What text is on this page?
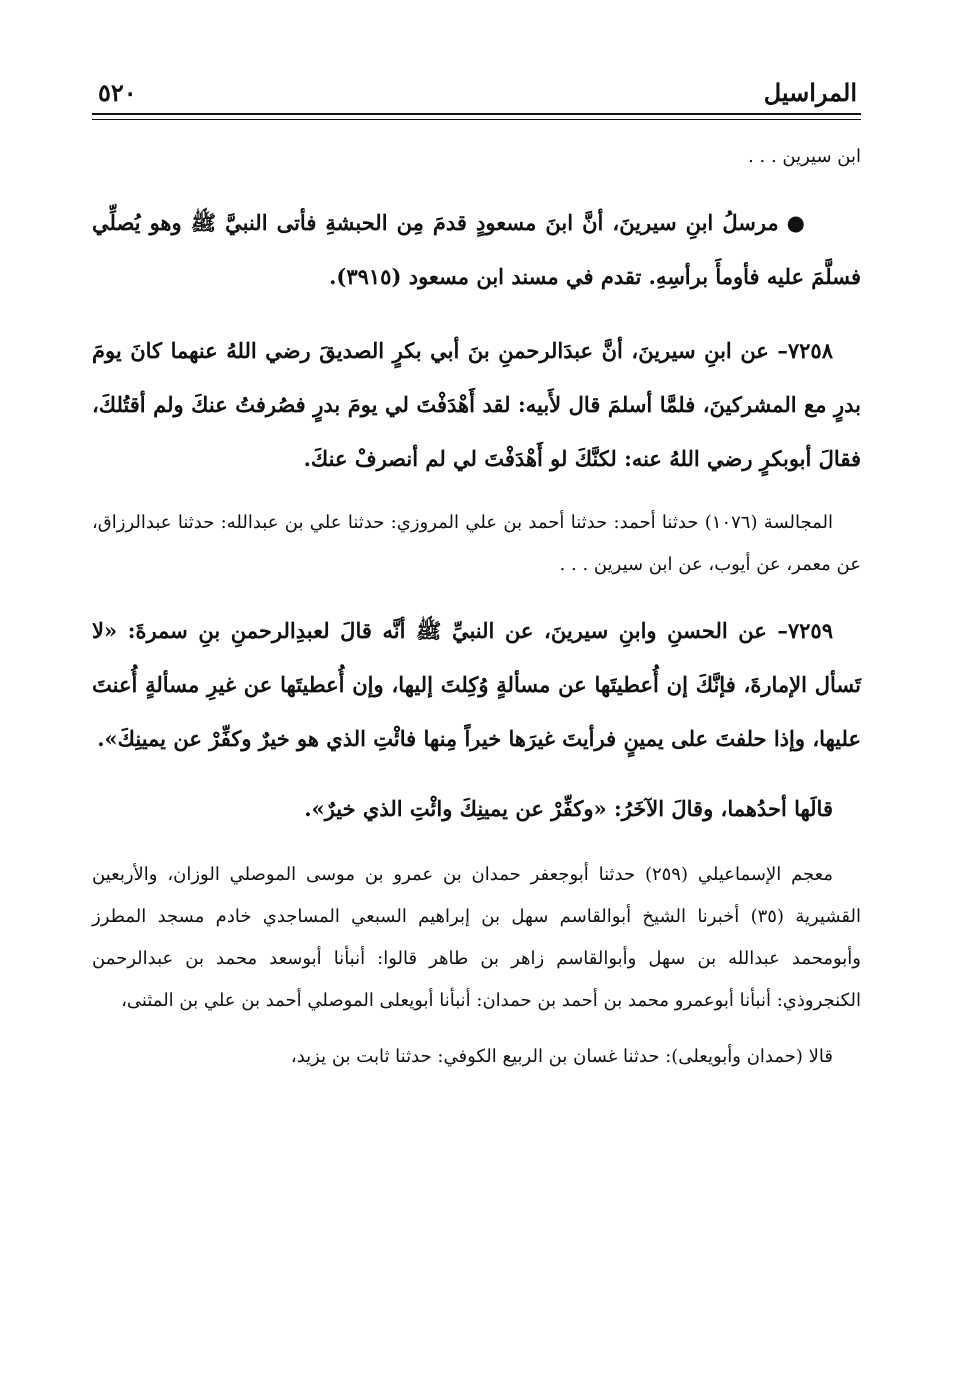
المراسيل
٥٢٠

ابن سيرين . . .

●مرسلُ ابنِ سيرينَ، أنَّ ابنَ مسعودٍ قدمَ مِن الحبشةِ فأتى النبيَّ ﷺ وهو يُصلِّي فسلَّمَ عليه فأومأَ برأسِهِ. تقدم في مسند ابن مسعود (٣٩١٥).

٧٢٥٨– عن ابنِ سيرينَ، أنَّ عبدَالرحمنِ بنَ أبي بكرٍ الصديقَ رضي اللهُ عنهما كانَ يومَ بدرٍ مع المشركينَ، فلمَّا أسلمَ قال لأَبيه: لقد أَهْدَفْتَ لي يومَ بدرٍ فصُرفتُ عنكَ ولم أقتُلكَ، فقالَ أبوبكرٍ رضي اللهُ عنه: لكنَّكَ لو أَهْدَفْتَ لي لم أنصرفْ عنكَ.

المجالسة (١٠٧٦) حدثنا أحمد: حدثنا أحمد بن علي المروزي: حدثنا علي بن عبدالله: حدثنا عبدالرزاق، عن معمر، عن أيوب، عن ابن سيرين . . .

٧٢٥٩– عن الحسنِ وابنِ سيرينَ، عن النبيِّ ﷺ أنَّه قالَ لعبدِالرحمنِ بنِ سمرةَ: «لا تَسأل الإمارةَ، فإنَّكَ إن أُعطيتَها عن مسألةٍ وُكِلتَ إليها، وإن أُعطيتَها عن غيرِ مسألةٍ أُعنتَ عليها، وإذا حلفتَ على يمينٍ فرأيتَ غيرَها خيراً مِنها فائْتِ الذي هو خيرٌ وكفِّرْ عن يمينِكَ».

قالَها أحدُهما، وقالَ الآخَرُ: «وكفِّرْ عن يمينِكَ وائْتِ الذي خيرٌ».

معجم الإسماعيلي (٢٥٩) حدثنا أبوجعفر حمدان بن عمرو بن موسى الموصلي الوزان، والأربعين القشيرية (٣٥) أخبرنا الشيخ أبوالقاسم سهل بن إبراهيم السبعي المساجدي خادم مسجد المطرز وأبومحمد عبدالله بن سهل وأبوالقاسم زاهر بن طاهر قالوا: أنبأنا أبوسعد محمد بن عبدالرحمن الكنجروذي: أنبأنا أبوعمرو محمد بن أحمد بن حمدان: أنبأنا أبويعلى الموصلي أحمد بن علي بن المثنى،

قالا (حمدان وأبويعلى): حدثنا غسان بن الربيع الكوفي: حدثنا ثابت بن يزيد،
